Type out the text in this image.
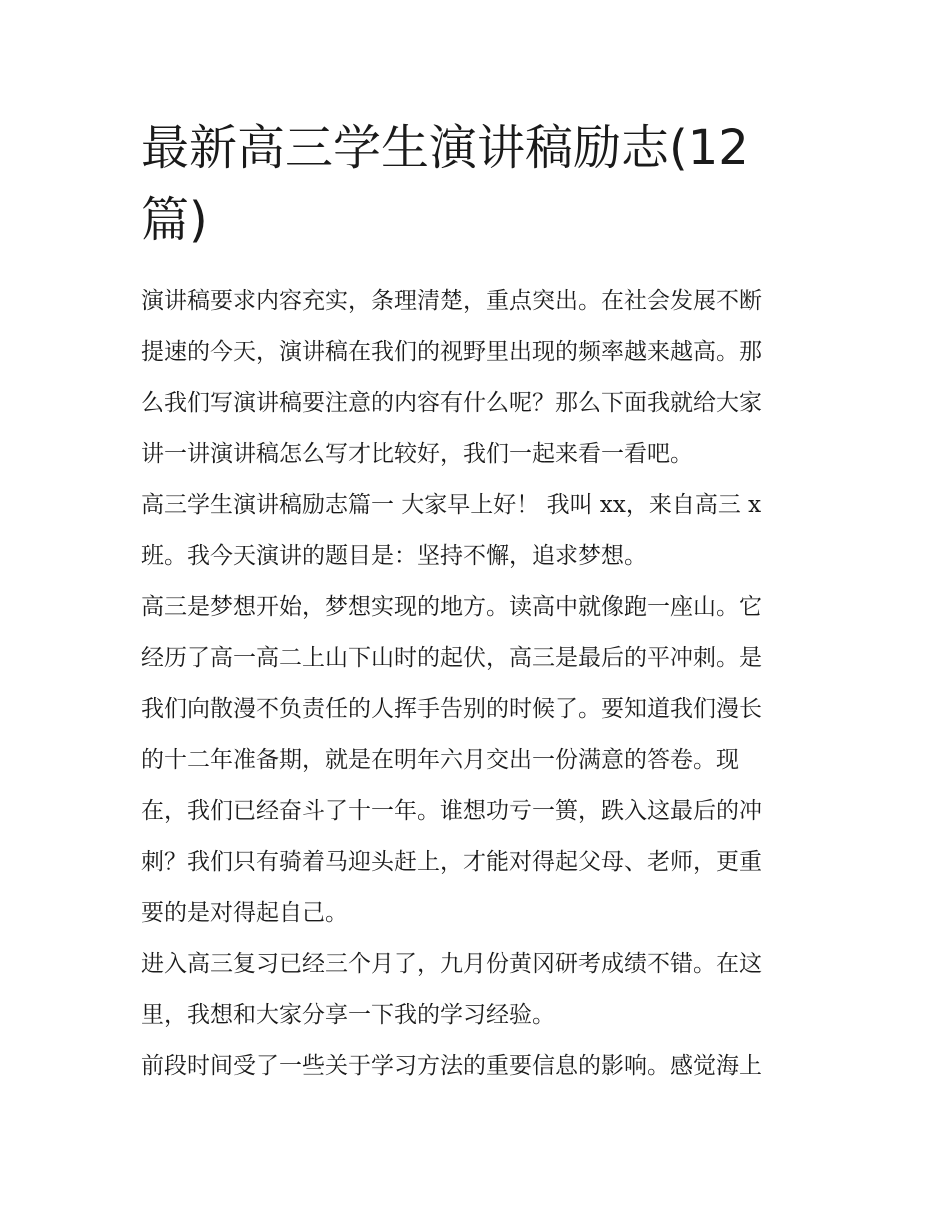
最新高三学生演讲稿励志(12
篇)

演讲稿要求内容充实，条理清楚，重点突出。在社会发展不断
提速的今天，演讲稿在我们的视野里出现的频率越来越高。那
么我们写演讲稿要注意的内容有什么呢？那么下面我就给大家
讲一讲演讲稿怎么写才比较好，我们一起来看一看吧。

高三学生演讲稿励志篇一 大家早上好！ 我叫 xx，来自高三 x
班。我今天演讲的题目是：坚持不懈，追求梦想。

高三是梦想开始，梦想实现的地方。读高中就像跑一座山。它
经历了高一高二上山下山时的起伏，高三是最后的平冲刺。是
我们向散漫不负责任的人挥手告别的时候了。要知道我们漫长
的十二年准备期，就是在明年六月交出一份满意的答卷。现
在，我们已经奋斗了十一年。谁想功亏一篑，跌入这最后的冲
刺？我们只有骑着马迎头赶上，才能对得起父母、老师，更重
要的是对得起自己。

进入高三复习已经三个月了，九月份黄冈研考成绩不错。在这
里，我想和大家分享一下我的学习经验。

前段时间受了一些关于学习方法的重要信息的影响。感觉海上
